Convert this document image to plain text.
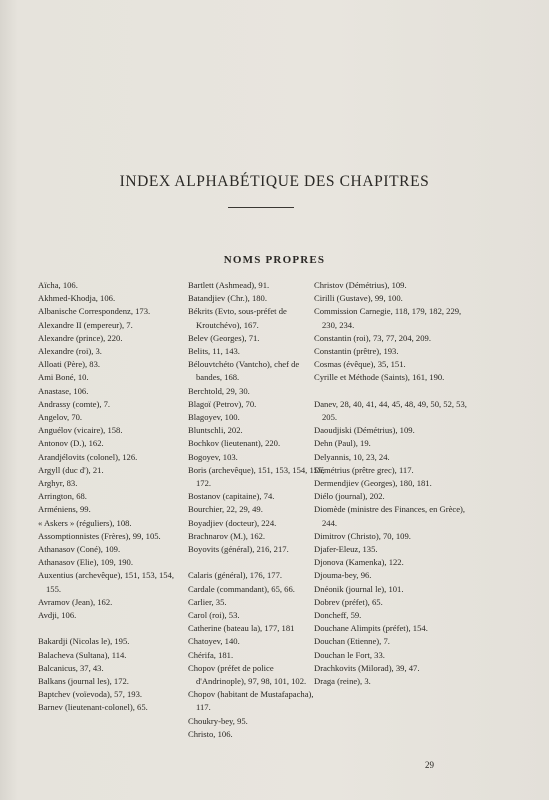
INDEX ALPHABÉTIQUE DES CHAPITRES
NOMS PROPRES
Aïcha, 106.
Akhmed-Khodja, 106.
Albanische Correspondenz, 173.
Alexandre II (empereur), 7.
Alexandre (prince), 220.
Alexandre (roi), 3.
Alloati (Père), 83.
Ami Boné, 10.
Anastase, 106.
Andrassy (comte), 7.
Angelov, 70.
Anguélov (vicaire), 158.
Antonov (D.), 162.
Arandjélovits (colonel), 126.
Argyll (duc d'), 21.
Arghyr, 83.
Arrington, 68.
Arméniens, 99.
« Askers » (réguliers), 108.
Assomptionnistes (Frères), 99, 105.
Athanasov (Coné), 109.
Athanasov (Elie), 109, 190.
Auxentius (archevêque), 151, 153, 154, 155.
Avramov (Jean), 162.
Avdji, 106.
Bakardji (Nicolas le), 195.
Balacheva (Sultana), 114.
Balcanicus, 37, 43.
Balkans (journal les), 172.
Baptchev (voïevoda), 57, 193.
Barnev (lieutenant-colonel), 65.
Bartlett (Ashmead), 91.
Batandjiev (Chr.), 180.
Békrits (Evto, sous-préfet de Kroutchévo), 167.
Belev (Georges), 71.
Belits, 11, 143.
Bélouvtchéto (Vantcho), chef de bandes, 168.
Berchtold, 29, 30.
Blagoï (Petrov), 70.
Blagoyev, 100.
Bluntschli, 202.
Bochkov (lieutenant), 220.
Bogoyev, 103.
Boris (archevêque), 151, 153, 154, 155, 172.
Bostanov (capitaine), 74.
Bourchier, 22, 29, 49.
Boyadjiev (docteur), 224.
Brachnarov (M.), 162.
Boyovits (général), 216, 217.
Calaris (général), 176, 177.
Cardale (commandant), 65, 66.
Carlier, 35.
Carol (roi), 53.
Catherine (bateau la), 177, 181
Chatoyev, 140.
Chérifa, 181.
Chopov (préfet de police d'Andrinople), 97, 98, 101, 102.
Chopov (habitant de Mustafapacha), 117.
Choukry-bey, 95.
Christo, 106.
Christov (Démétrius), 109.
Cirilli (Gustave), 99, 100.
Commission Carnegie, 118, 179, 182, 229, 230, 234.
Constantin (roi), 73, 77, 204, 209.
Constantin (prêtre), 193.
Cosmas (évêque), 35, 151.
Cyrille et Méthode (Saints), 161, 190.
Danev, 28, 40, 41, 44, 45, 48, 49, 50, 52, 53, 205.
Daoudjiski (Démétrius), 109.
Dehn (Paul), 19.
Delyannis, 10, 23, 24.
Démétrius (prêtre grec), 117.
Dermendjiev (Georges), 180, 181.
Diélo (journal), 202.
Diomède (ministre des Finances, en Grèce), 244.
Dimitrov (Christo), 70, 109.
Djafer-Eleuz, 135.
Djonova (Kamenka), 122.
Djouma-bey, 96.
Dnéonik (journal le), 101.
Dobrev (préfet), 65.
Doncheff, 59.
Douchane Alimpits (préfet), 154.
Douchan (Etienne), 7.
Douchan le Fort, 33.
Drachkovits (Milorad), 39, 47.
Draga (reine), 3.
29
